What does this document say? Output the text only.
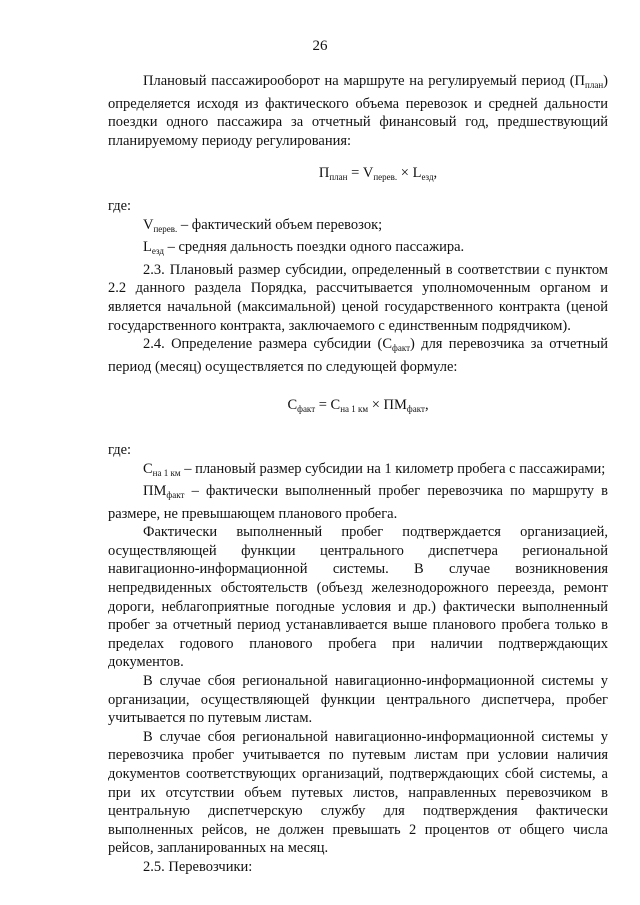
26

Плановый пассажирооборот на маршруте на регулируемый период $(П_{план})$ определяется исходя из фактического объема перевозок и средней дальности поездки одного пассажира за отчетный финансовый год, предшествующий планируемому периоду регулирования:

$П_{план} = V_{перев.} \times L_{езд}$,

где:

$V_{перев.}$ – фактический объем перевозок;

$L_{езд}$ – средняя дальность поездки одного пассажира.

2.3. Плановый размер субсидии, определенный в соответствии с пунктом 2.2 данного раздела Порядка, рассчитывается уполномоченным органом и является начальной (максимальной) ценой государственного контракта (ценой государственного контракта, заключаемого с единственным подрядчиком).

2.4. Определение размера субсидии $(С_{факт})$ для перевозчика за отчетный период (месяц) осуществляется по следующей формуле:

$С_{факт} = С_{на 1 км} \times ПМ_{факт}$,

где:

$С_{на 1 км}$ – плановый размер субсидии на 1 километр пробега с пассажирами;

$ПМ_{факт}$ – фактически выполненный пробег перевозчика по маршруту в размере, не превышающем планового пробега.

Фактически выполненный пробег подтверждается организацией, осуществляющей функции центрального диспетчера региональной навигационно-информационной системы. В случае возникновения непредвиденных обстоятельств (объезд железнодорожного переезда, ремонт дороги, неблагоприятные погодные условия и др.) фактически выполненный пробег за отчетный период устанавливается выше планового пробега только в пределах годового планового пробега при наличии подтверждающих документов.

В случае сбоя региональной навигационно-информационной системы у организации, осуществляющей функции центрального диспетчера, пробег учитывается по путевым листам.

В случае сбоя региональной навигационно-информационной системы у перевозчика пробег учитывается по путевым листам при условии наличия документов соответствующих организаций, подтверждающих сбой системы, а при их отсутствии объем путевых листов, направленных перевозчиком в центральную диспетчерскую службу для подтверждения фактически выполненных рейсов, не должен превышать 2 процентов от общего числа рейсов, запланированных на месяц.

2.5. Перевозчики:
